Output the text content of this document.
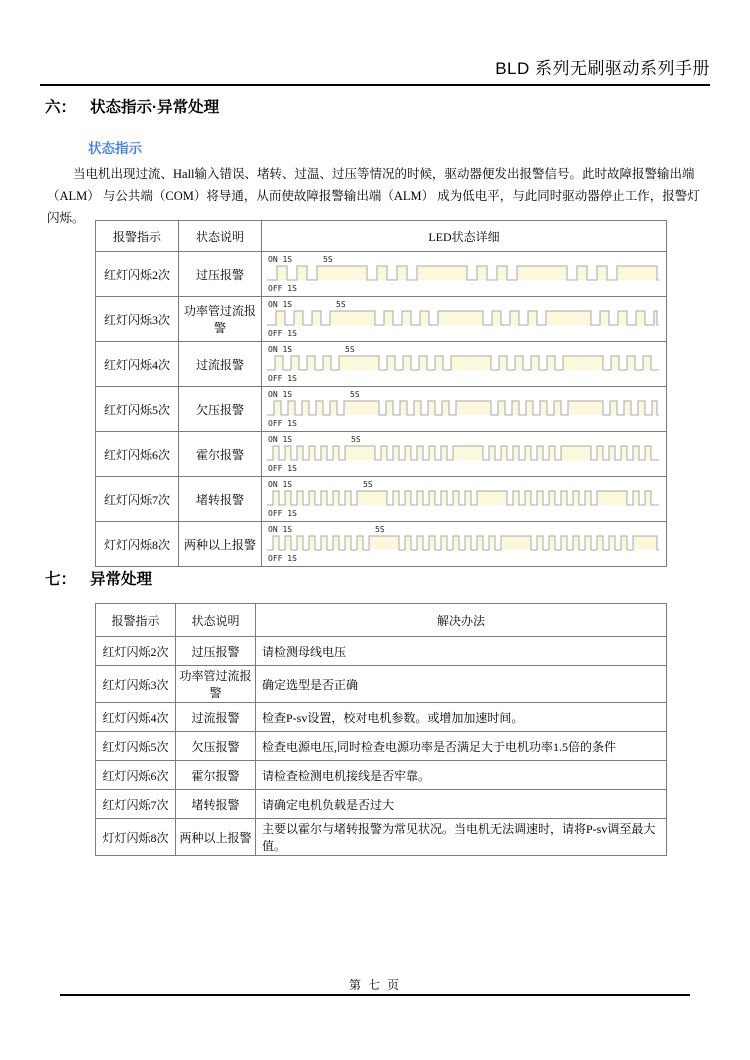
BLD 系列无刷驱动系列手册
六： 状态指示·异常处理
状态指示
当电机出现过流、Hall输入错误、堵转、过温、过压等情况的时候，驱动器便发出报警信号。此时故障报警输出端
（ALM） 与公共端（COM）将导通，从而使故障报警输出端（ALM） 成为低电平，与此同时驱动器停止工作，报警灯闪烁。
报警指示	状态说明	LED状态详细
红灯闪烁2次	过压报警	ON 1S 5S
OFF 1S

红灯闪烁3次	功率管过流报警	ON 1S 5S
OFF 1S

红灯闪烁4次	过流报警	ON 1S 5S
OFF 1S

红灯闪烁5次	欠压报警	ON 1S 5S
OFF 1S

红灯闪烁6次	霍尔报警	ON 1S 5S
OFF 1S

红灯闪烁7次	堵转报警	ON 1S 5S
OFF 1S

灯灯闪烁8次	两种以上报警	ON 1S 5S
OFF 1S
七： 异常处理
报警指示	状态说明	解决办法
红灯闪烁2次	过压报警	请检测母线电压
红灯闪烁3次	功率管过流报警	确定选型是否正确
红灯闪烁4次	过流报警	检查P-sv设置，校对电机参数。或增加加速时间。
红灯闪烁5次	欠压报警	检查电源电压,同时检查电源功率是否满足大于电机功率1.5倍的条件
红灯闪烁6次	霍尔报警	请检查检测电机接线是否牢靠。
红灯闪烁7次	堵转报警	请确定电机负载是否过大
灯灯闪烁8次	两种以上报警	主要以霍尔与堵转报警为常见状况。当电机无法调速时，请将P-sv调至最大值。
第 七 页
